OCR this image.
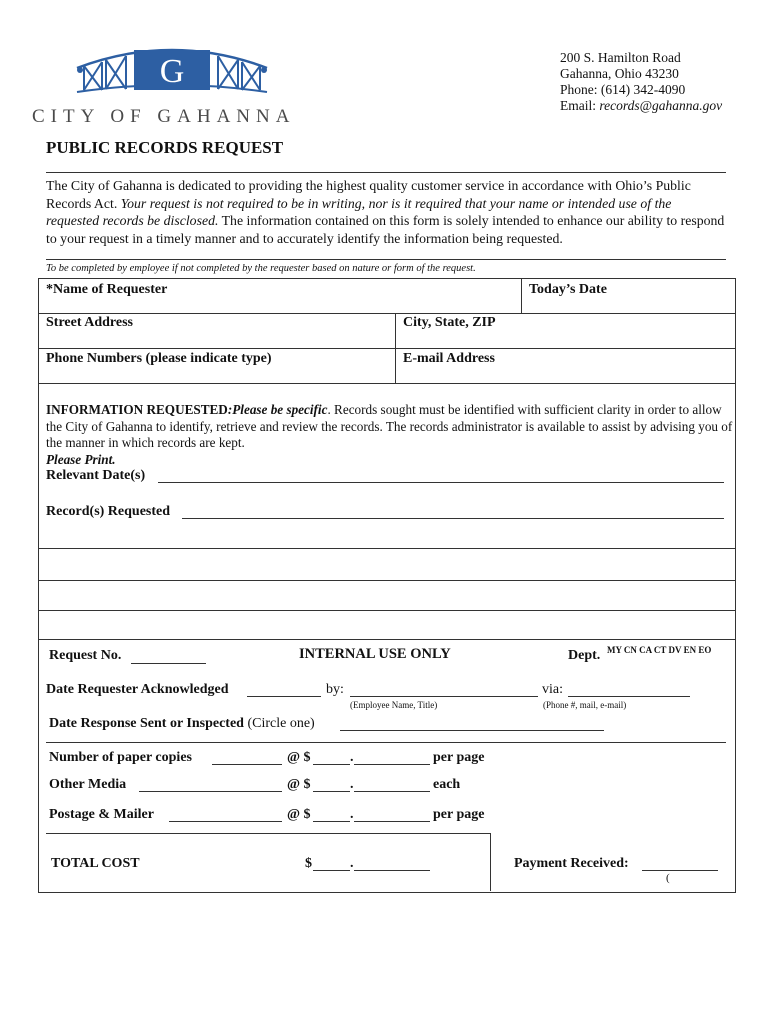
G
CITY OF GAHANNA
200 S. Hamilton Road
Gahanna, Ohio 43230
Phone: (614) 342-4090
Email: records@gahanna.gov
PUBLIC RECORDS REQUEST
The City of Gahanna is dedicated to providing the highest quality customer service in accordance with Ohio’s Public Records Act. Your request is not required to be in writing, nor is it required that your name or intended use of the requested records be disclosed. The information contained on this form is solely intended to enhance our ability to respond to your request in a timely manner and to accurately identify the information being requested.
To be completed by employee if not completed by the requester based on nature or form of the request.
*Name of Requester	Today’s Date
Street Address	City, State, ZIP
Phone Numbers (please indicate type)	E-mail Address
INFORMATION REQUESTED:Please be specific. Records sought must be identified with sufficient clarity in order to allow the City of Gahanna to identify, retrieve and review the records. The records administrator is available to assist by advising you of the manner in which records are kept.
Please Print.
Relevant Date(s)
Record(s) Requested
Request No.	INTERNAL USE ONLY	Dept. MY CN CA CT DV EN EO
Date Requester Acknowledged	by:	via:
(Employee Name, Title)	(Phone #, mail, e-mail)
Date Response Sent or Inspected (Circle one)
Number of paper copies	@ $	.	per page
Other Media	@ $	.	each
Postage & Mailer	@ $	.	per page
TOTAL COST	$	.	Payment Received:
(
